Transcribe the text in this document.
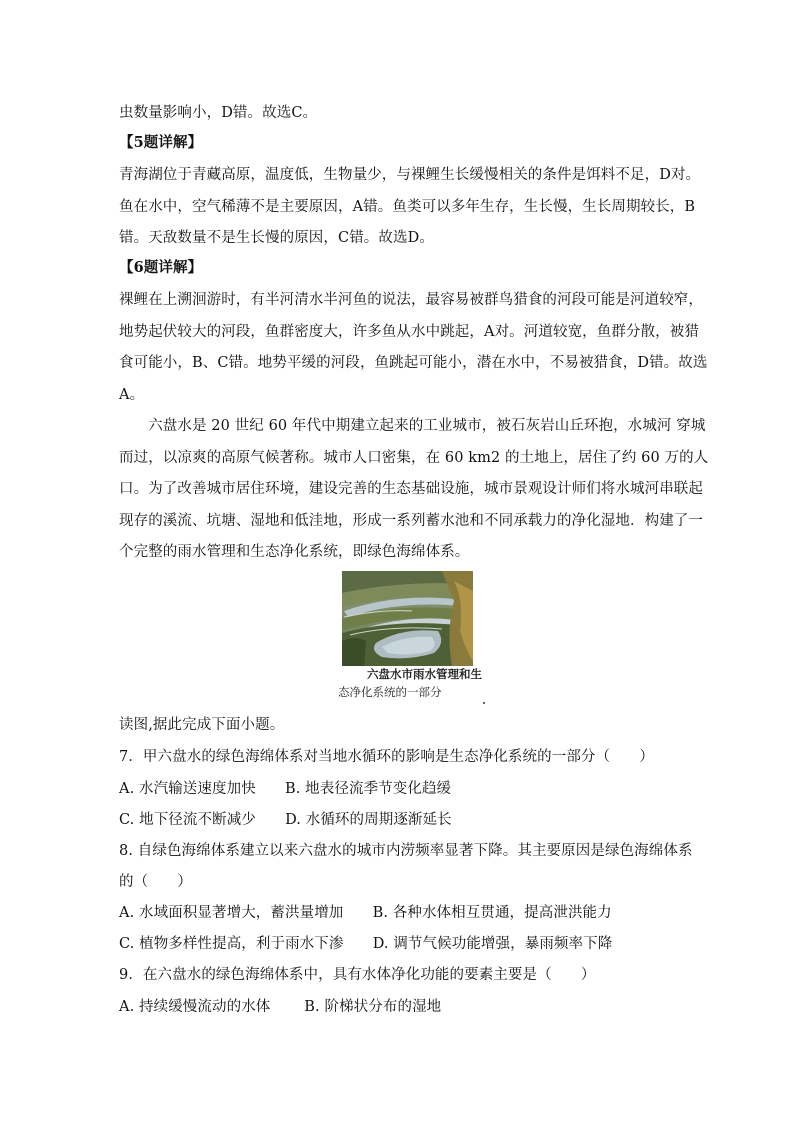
虫数量影响小，D错。故选C。
【5题详解】
青海湖位于青藏高原，温度低，生物量少，与裸鲤生长缓慢相关的条件是饵料不足，D对。
鱼在水中，空气稀薄不是主要原因，A错。鱼类可以多年生存，生长慢，生长周期较长，B
错。天敌数量不是生长慢的原因，C错。故选D。
【6题详解】
裸鲤在上溯洄游时，有半河清水半河鱼的说法，最容易被群鸟猎食的河段可能是河道较窄，
地势起伏较大的河段，鱼群密度大，许多鱼从水中跳起，A对。河道较宽，鱼群分散，被猎
食可能小，B、C错。地势平缓的河段，鱼跳起可能小，潜在水中，不易被猎食，D错。故选
A。
　　六盘水是 20 世纪 60 年代中期建立起来的工业城市，被石灰岩山丘环抱，水城河 穿城
而过，以凉爽的高原气候著称。城市人口密集，在 60 km2 的土地上，居住了约 60 万的人
口。为了改善城市居住环境，建设完善的生态基础设施，城市景观设计师们将水城河串联起
现存的溪流、坑塘、湿地和低洼地，形成一系列蓄水池和不同承载力的净化湿地．构建了一
个完整的雨水管理和生态净化系统，即绿色海绵体系。
六盘水市雨水管理和生
态净化系统的一部分
读图,据此完成下面小题。
7．甲六盘水的绿色海绵体系对当地水循环的影响是生态净化系统的一部分（　　）
A. 水汽输送速度加快　　B. 地表径流季节变化趋缓
C. 地下径流不断减少　　D. 水循环的周期逐渐延长
8. 自绿色海绵体系建立以来六盘水的城市内涝频率显著下降。其主要原因是绿色海绵体系
的（　　）
A. 水域面积显著增大，蓄洪量增加　　B. 各种水体相互贯通，提高泄洪能力
C. 植物多样性提高，利于雨水下渗　　D. 调节气候功能增强，暴雨频率下降
9．在六盘水的绿色海绵体系中，具有水体净化功能的要素主要是（　　）
A. 持续缓慢流动的水体　　 B. 阶梯状分布的湿地
